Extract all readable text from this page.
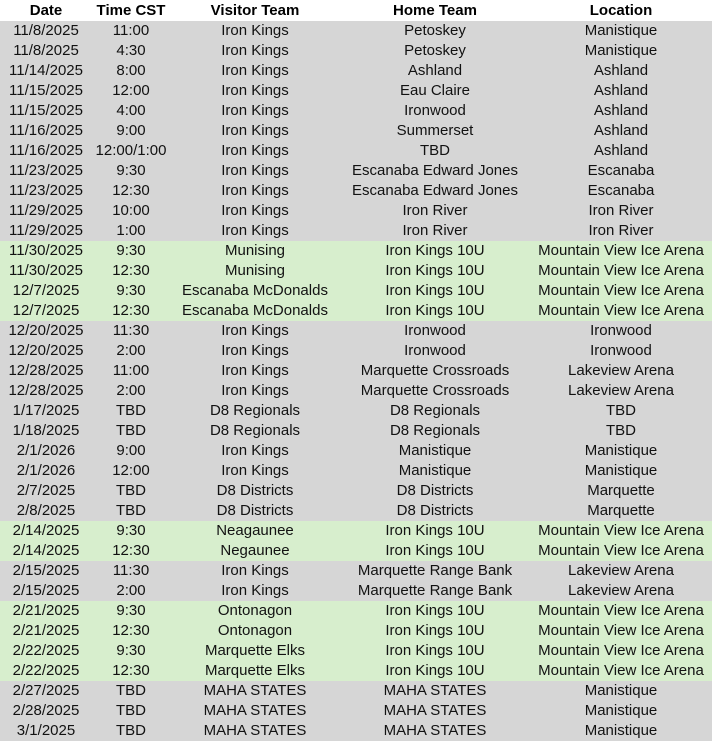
Date	Time CST	Visitor Team	Home Team	Location
11/8/2025	11:00	Iron Kings	Petoskey	Manistique
11/8/2025	4:30	Iron Kings	Petoskey	Manistique
11/14/2025	8:00	Iron Kings	Ashland	Ashland
11/15/2025	12:00	Iron Kings	Eau Claire	Ashland
11/15/2025	4:00	Iron Kings	Ironwood	Ashland
11/16/2025	9:00	Iron Kings	Summerset	Ashland
11/16/2025	12:00/1:00	Iron Kings	TBD	Ashland
11/23/2025	9:30	Iron Kings	Escanaba Edward Jones	Escanaba
11/23/2025	12:30	Iron Kings	Escanaba Edward Jones	Escanaba
11/29/2025	10:00	Iron Kings	Iron River	Iron River
11/29/2025	1:00	Iron Kings	Iron River	Iron River
11/30/2025	9:30	Munising	Iron Kings 10U	Mountain View Ice Arena
11/30/2025	12:30	Munising	Iron Kings 10U	Mountain View Ice Arena
12/7/2025	9:30	Escanaba McDonalds	Iron Kings 10U	Mountain View Ice Arena
12/7/2025	12:30	Escanaba McDonalds	Iron Kings 10U	Mountain View Ice Arena
12/20/2025	11:30	Iron Kings	Ironwood	Ironwood
12/20/2025	2:00	Iron Kings	Ironwood	Ironwood
12/28/2025	11:00	Iron Kings	Marquette Crossroads	Lakeview Arena
12/28/2025	2:00	Iron Kings	Marquette Crossroads	Lakeview Arena
1/17/2025	TBD	D8 Regionals	D8 Regionals	TBD
1/18/2025	TBD	D8 Regionals	D8 Regionals	TBD
2/1/2026	9:00	Iron Kings	Manistique	Manistique
2/1/2026	12:00	Iron Kings	Manistique	Manistique
2/7/2025	TBD	D8 Districts	D8 Districts	Marquette
2/8/2025	TBD	D8 Districts	D8 Districts	Marquette
2/14/2025	9:30	Neagaunee	Iron Kings 10U	Mountain View Ice Arena
2/14/2025	12:30	Negaunee	Iron Kings 10U	Mountain View Ice Arena
2/15/2025	11:30	Iron Kings	Marquette Range Bank	Lakeview Arena
2/15/2025	2:00	Iron Kings	Marquette Range Bank	Lakeview Arena
2/21/2025	9:30	Ontonagon	Iron Kings 10U	Mountain View Ice Arena
2/21/2025	12:30	Ontonagon	Iron Kings 10U	Mountain View Ice Arena
2/22/2025	9:30	Marquette Elks	Iron Kings 10U	Mountain View Ice Arena
2/22/2025	12:30	Marquette Elks	Iron Kings 10U	Mountain View Ice Arena
2/27/2025	TBD	MAHA STATES	MAHA STATES	Manistique
2/28/2025	TBD	MAHA STATES	MAHA STATES	Manistique
3/1/2025	TBD	MAHA STATES	MAHA STATES	Manistique
